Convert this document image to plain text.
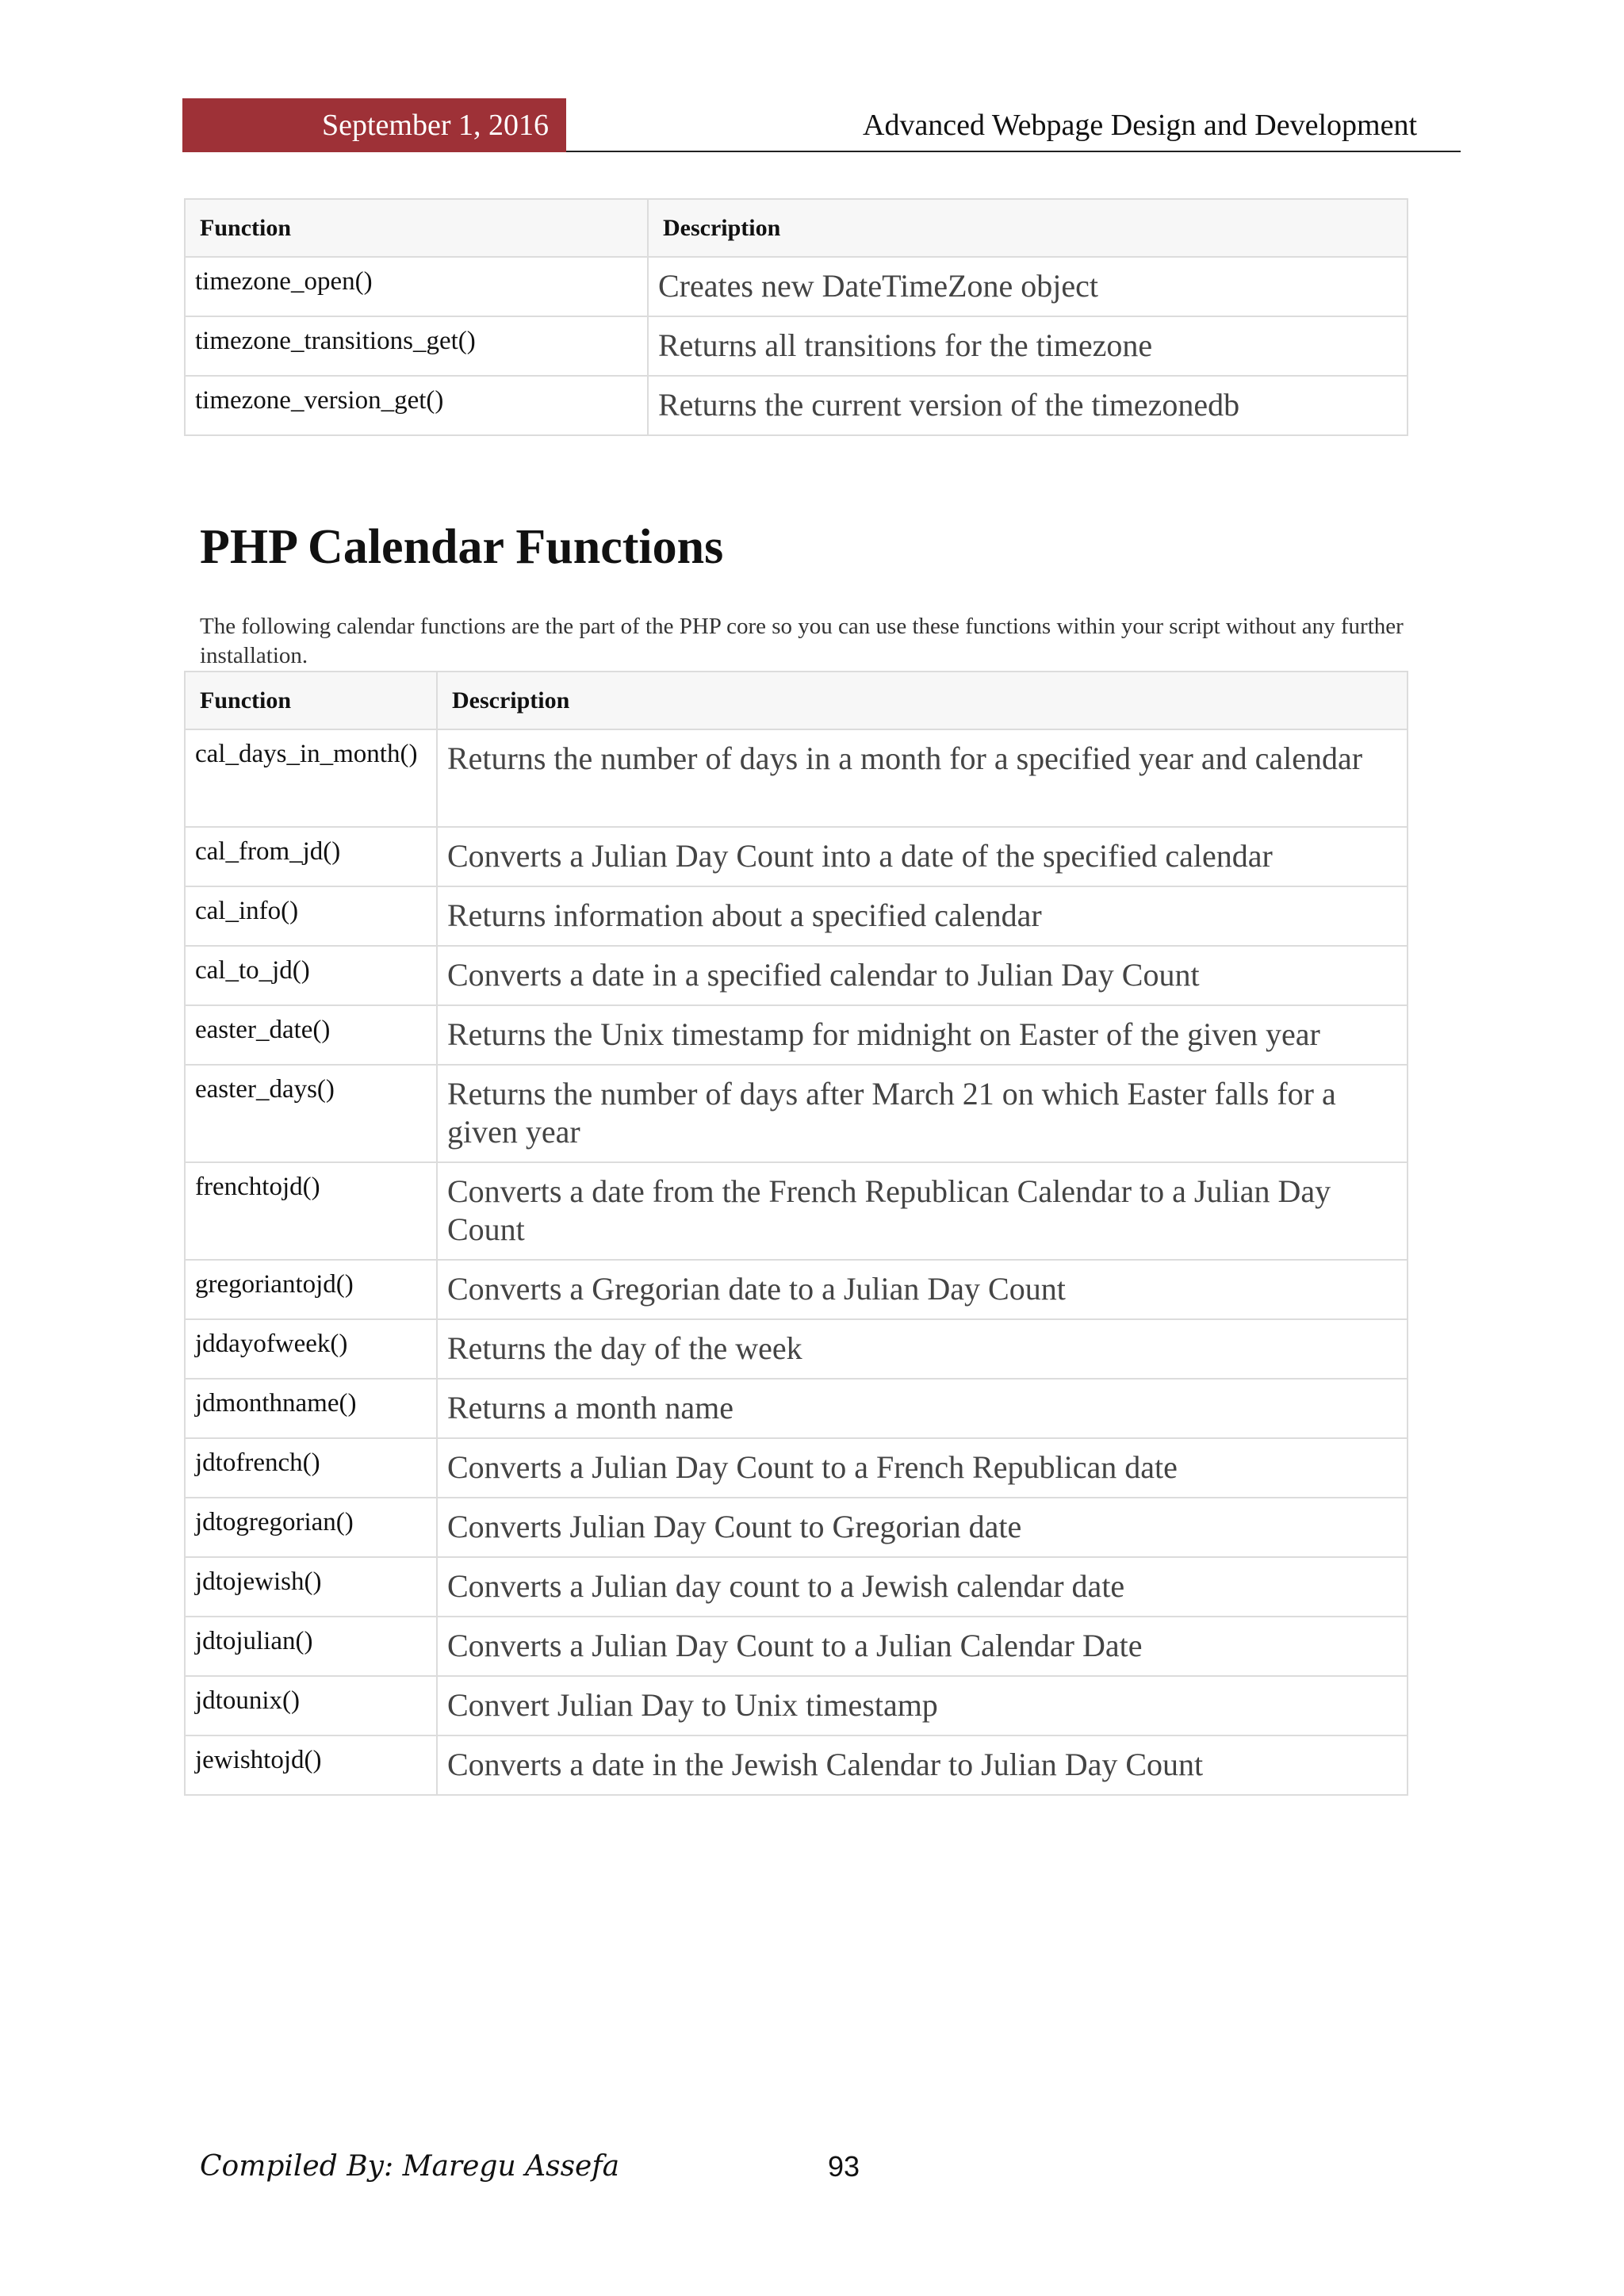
September 1, 2016	Advanced Webpage Design and Development
Function	Description
timezone_open()	Creates new DateTimeZone object
timezone_transitions_get()	Returns all transitions for the timezone
timezone_version_get()	Returns the current version of the timezonedb
PHP Calendar Functions

The following calendar functions are the part of the PHP core so you can use these functions within your script without any further installation.

Function	Description
cal_days_in_month()	Returns the number of days in a month for a specified year and calendar
cal_from_jd()	Converts a Julian Day Count into a date of the specified calendar
cal_info()	Returns information about a specified calendar
cal_to_jd()	Converts a date in a specified calendar to Julian Day Count
easter_date()	Returns the Unix timestamp for midnight on Easter of the given year
easter_days()	Returns the number of days after March 21 on which Easter falls for a given year
frenchtojd()	Converts a date from the French Republican Calendar to a Julian Day Count
gregoriantojd()	Converts a Gregorian date to a Julian Day Count
jddayofweek()	Returns the day of the week
jdmonthname()	Returns a month name
jdtofrench()	Converts a Julian Day Count to a French Republican date
jdtogregorian()	Converts Julian Day Count to Gregorian date
jdtojewish()	Converts a Julian day count to a Jewish calendar date
jdtojulian()	Converts a Julian Day Count to a Julian Calendar Date
jdtounix()	Convert Julian Day to Unix timestamp
jewishtojd()	Converts a date in the Jewish Calendar to Julian Day Count
Compiled By: Maregu Assefa	93
